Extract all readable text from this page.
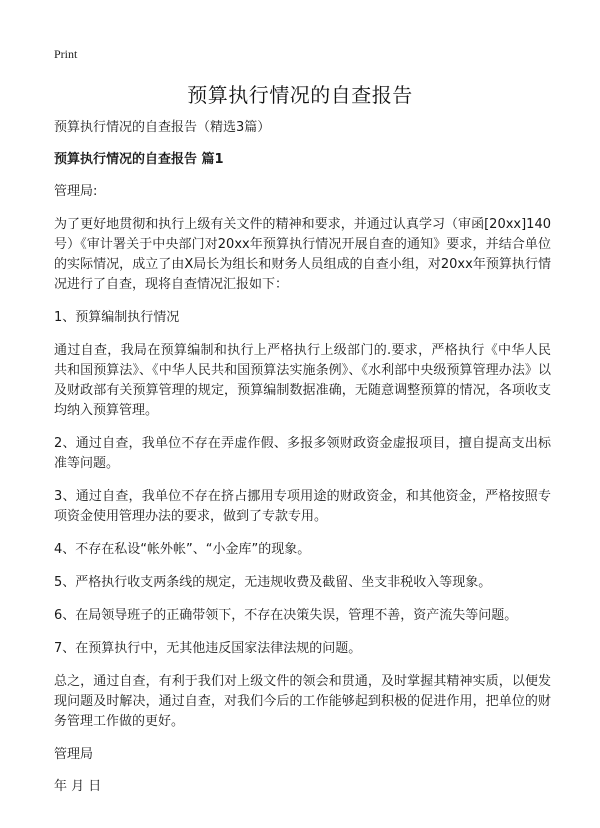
Print
预算执行情况的自查报告

预算执行情况的自查报告（精选3篇）

预算执行情况的自查报告 篇1

管理局:

为了更好地贯彻和执行上级有关文件的精神和要求，并通过认真学习（审函[20xx]140号）《审计署关于中央部门对20xx年预算执行情况开展自查的通知》要求，并结合单位的实际情况，成立了由X局长为组长和财务人员组成的自查小组，对20xx年预算执行情况进行了自查，现将自查情况汇报如下：

1、预算编制执行情况

通过自查，我局在预算编制和执行上严格执行上级部门的.要求，严格执行《中华人民共和国预算法》、《中华人民共和国预算法实施条例》、《水利部中央级预算管理办法》以及财政部有关预算管理的规定，预算编制数据准确，无随意调整预算的情况，各项收支均纳入预算管理。

2、通过自查，我单位不存在弄虚作假、多报多领财政资金虚报项目，擅自提高支出标准等问题。

3、通过自查，我单位不存在挤占挪用专项用途的财政资金，和其他资金，严格按照专项资金使用管理办法的要求，做到了专款专用。

4、不存在私设“帐外帐”、“小金库”的现象。

5、严格执行收支两条线的规定，无违规收费及截留、坐支非税收入等现象。

6、在局领导班子的正确带领下，不存在决策失误，管理不善，资产流失等问题。

7、在预算执行中，无其他违反国家法律法规的问题。

总之，通过自查，有利于我们对上级文件的领会和贯通，及时掌握其精神实质，以便发现问题及时解决，通过自查，对我们今后的工作能够起到积极的促进作用，把单位的财务管理工作做的更好。

管理局

年 月 日
